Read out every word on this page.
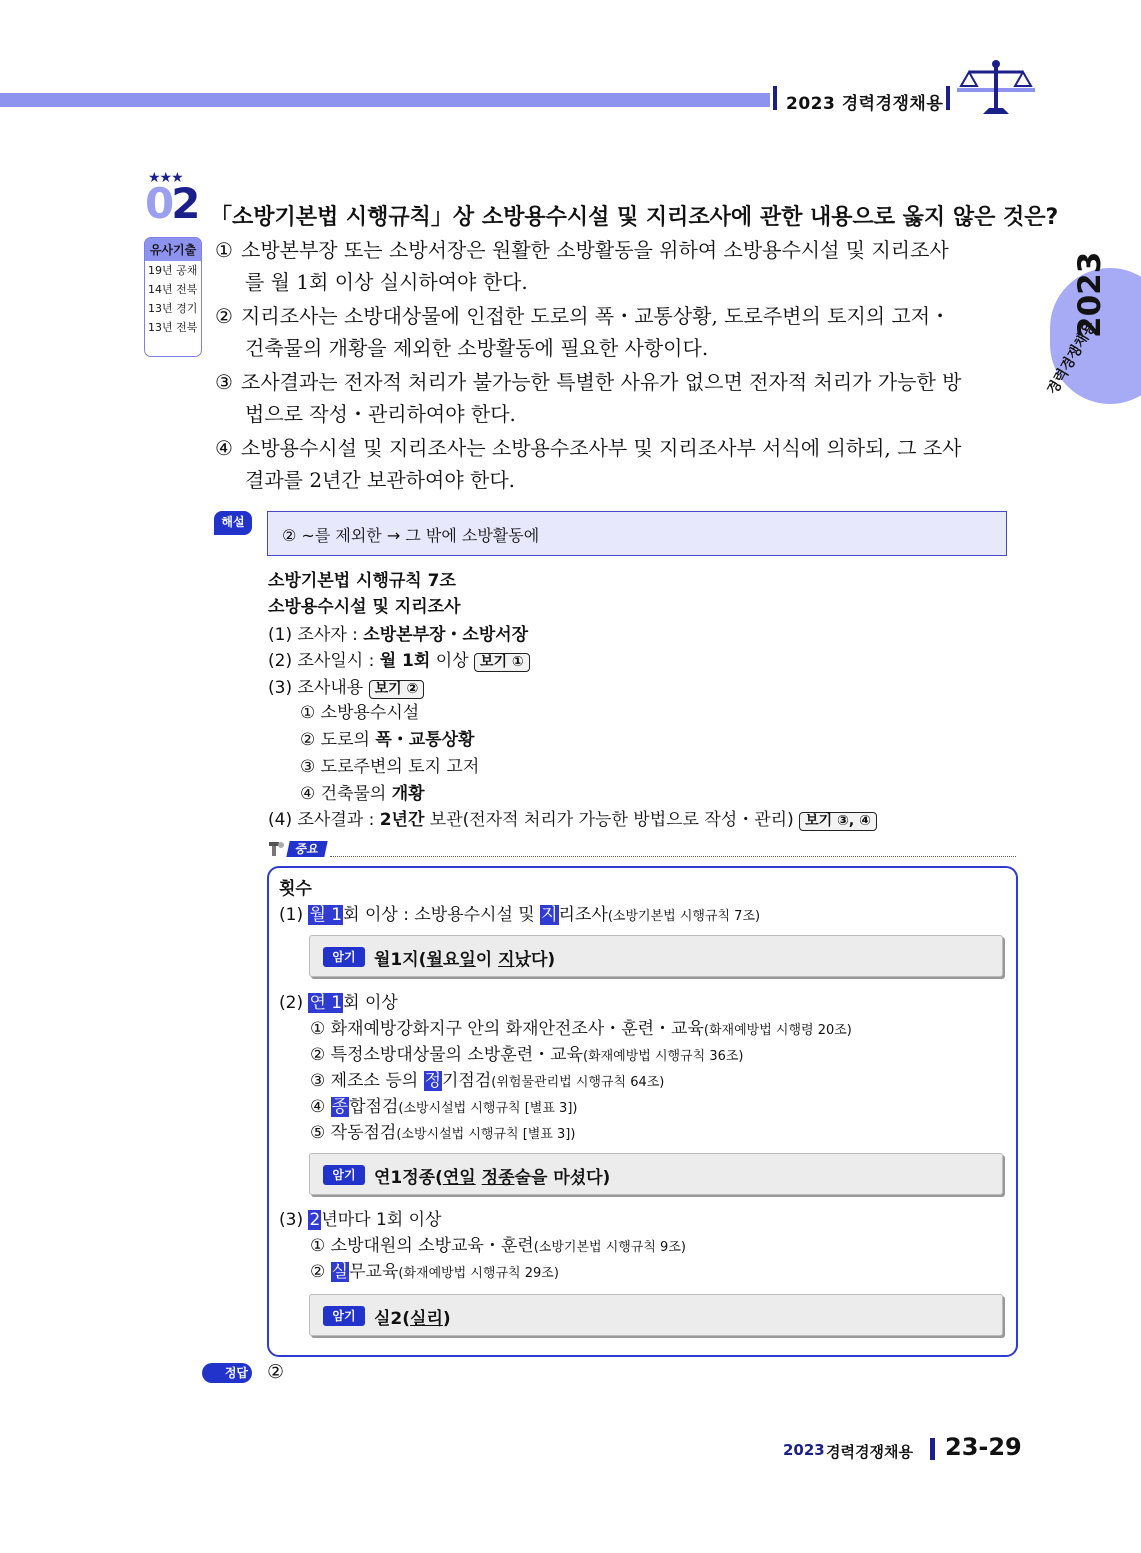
2023 경력경쟁채용
2023
경력경쟁채용
★★★
02 「소방기본법 시행규칙」상 소방용수시설 및 지리조사에 관한 내용으로 옳지 않은 것은?
유사기출
19년 공채
14년 전북
13년 경기
13년 전북
① 소방본부장 또는 소방서장은 원활한 소방활동을 위하여 소방용수시설 및 지리조사
를 월 1회 이상 실시하여야 한다.
② 지리조사는 소방대상물에 인접한 도로의 폭・교통상황, 도로주변의 토지의 고저・
건축물의 개황을 제외한 소방활동에 필요한 사항이다.
③ 조사결과는 전자적 처리가 불가능한 특별한 사유가 없으면 전자적 처리가 가능한 방
법으로 작성・관리하여야 한다.
④ 소방용수시설 및 지리조사는 소방용수조사부 및 지리조사부 서식에 의하되, 그 조사
결과를 2년간 보관하여야 한다.
해설
② ~를 제외한 → 그 밖에 소방활동에
소방기본법 시행규칙 7조
소방용수시설 및 지리조사
(1) 조사자 : 소방본부장・소방서장
(2) 조사일시 : 월 1회 이상 보기 ①
(3) 조사내용 보기 ②
① 소방용수시설
② 도로의 폭・교통상황
③ 도로주변의 토지 고저
④ 건축물의 개황
(4) 조사결과 : 2년간 보관(전자적 처리가 가능한 방법으로 작성・관리) 보기 ③, ④
중요
횟수
(1) 월 1회 이상 : 소방용수시설 및 지리조사(소방기본법 시행규칙 7조)
암기	월1지(월요일이 지났다)
(2) 연 1회 이상
① 화재예방강화지구 안의 화재안전조사・훈련・교육(화재예방법 시행령 20조)
② 특정소방대상물의 소방훈련・교육(화재예방법 시행규칙 36조)
③ 제조소 등의 정기점검(위험물관리법 시행규칙 64조)
④ 종합점검(소방시설법 시행규칙 [별표 3])
⑤ 작동점검(소방시설법 시행규칙 [별표 3])
암기	연1정종(연일 정종술을 마셨다)
(3) 2년마다 1회 이상
① 소방대원의 소방교육・훈련(소방기본법 시행규칙 9조)
② 실무교육(화재예방법 시행규칙 29조)
암기	실2(실리)
정답 ②
2023 경력경쟁채용 23-29
